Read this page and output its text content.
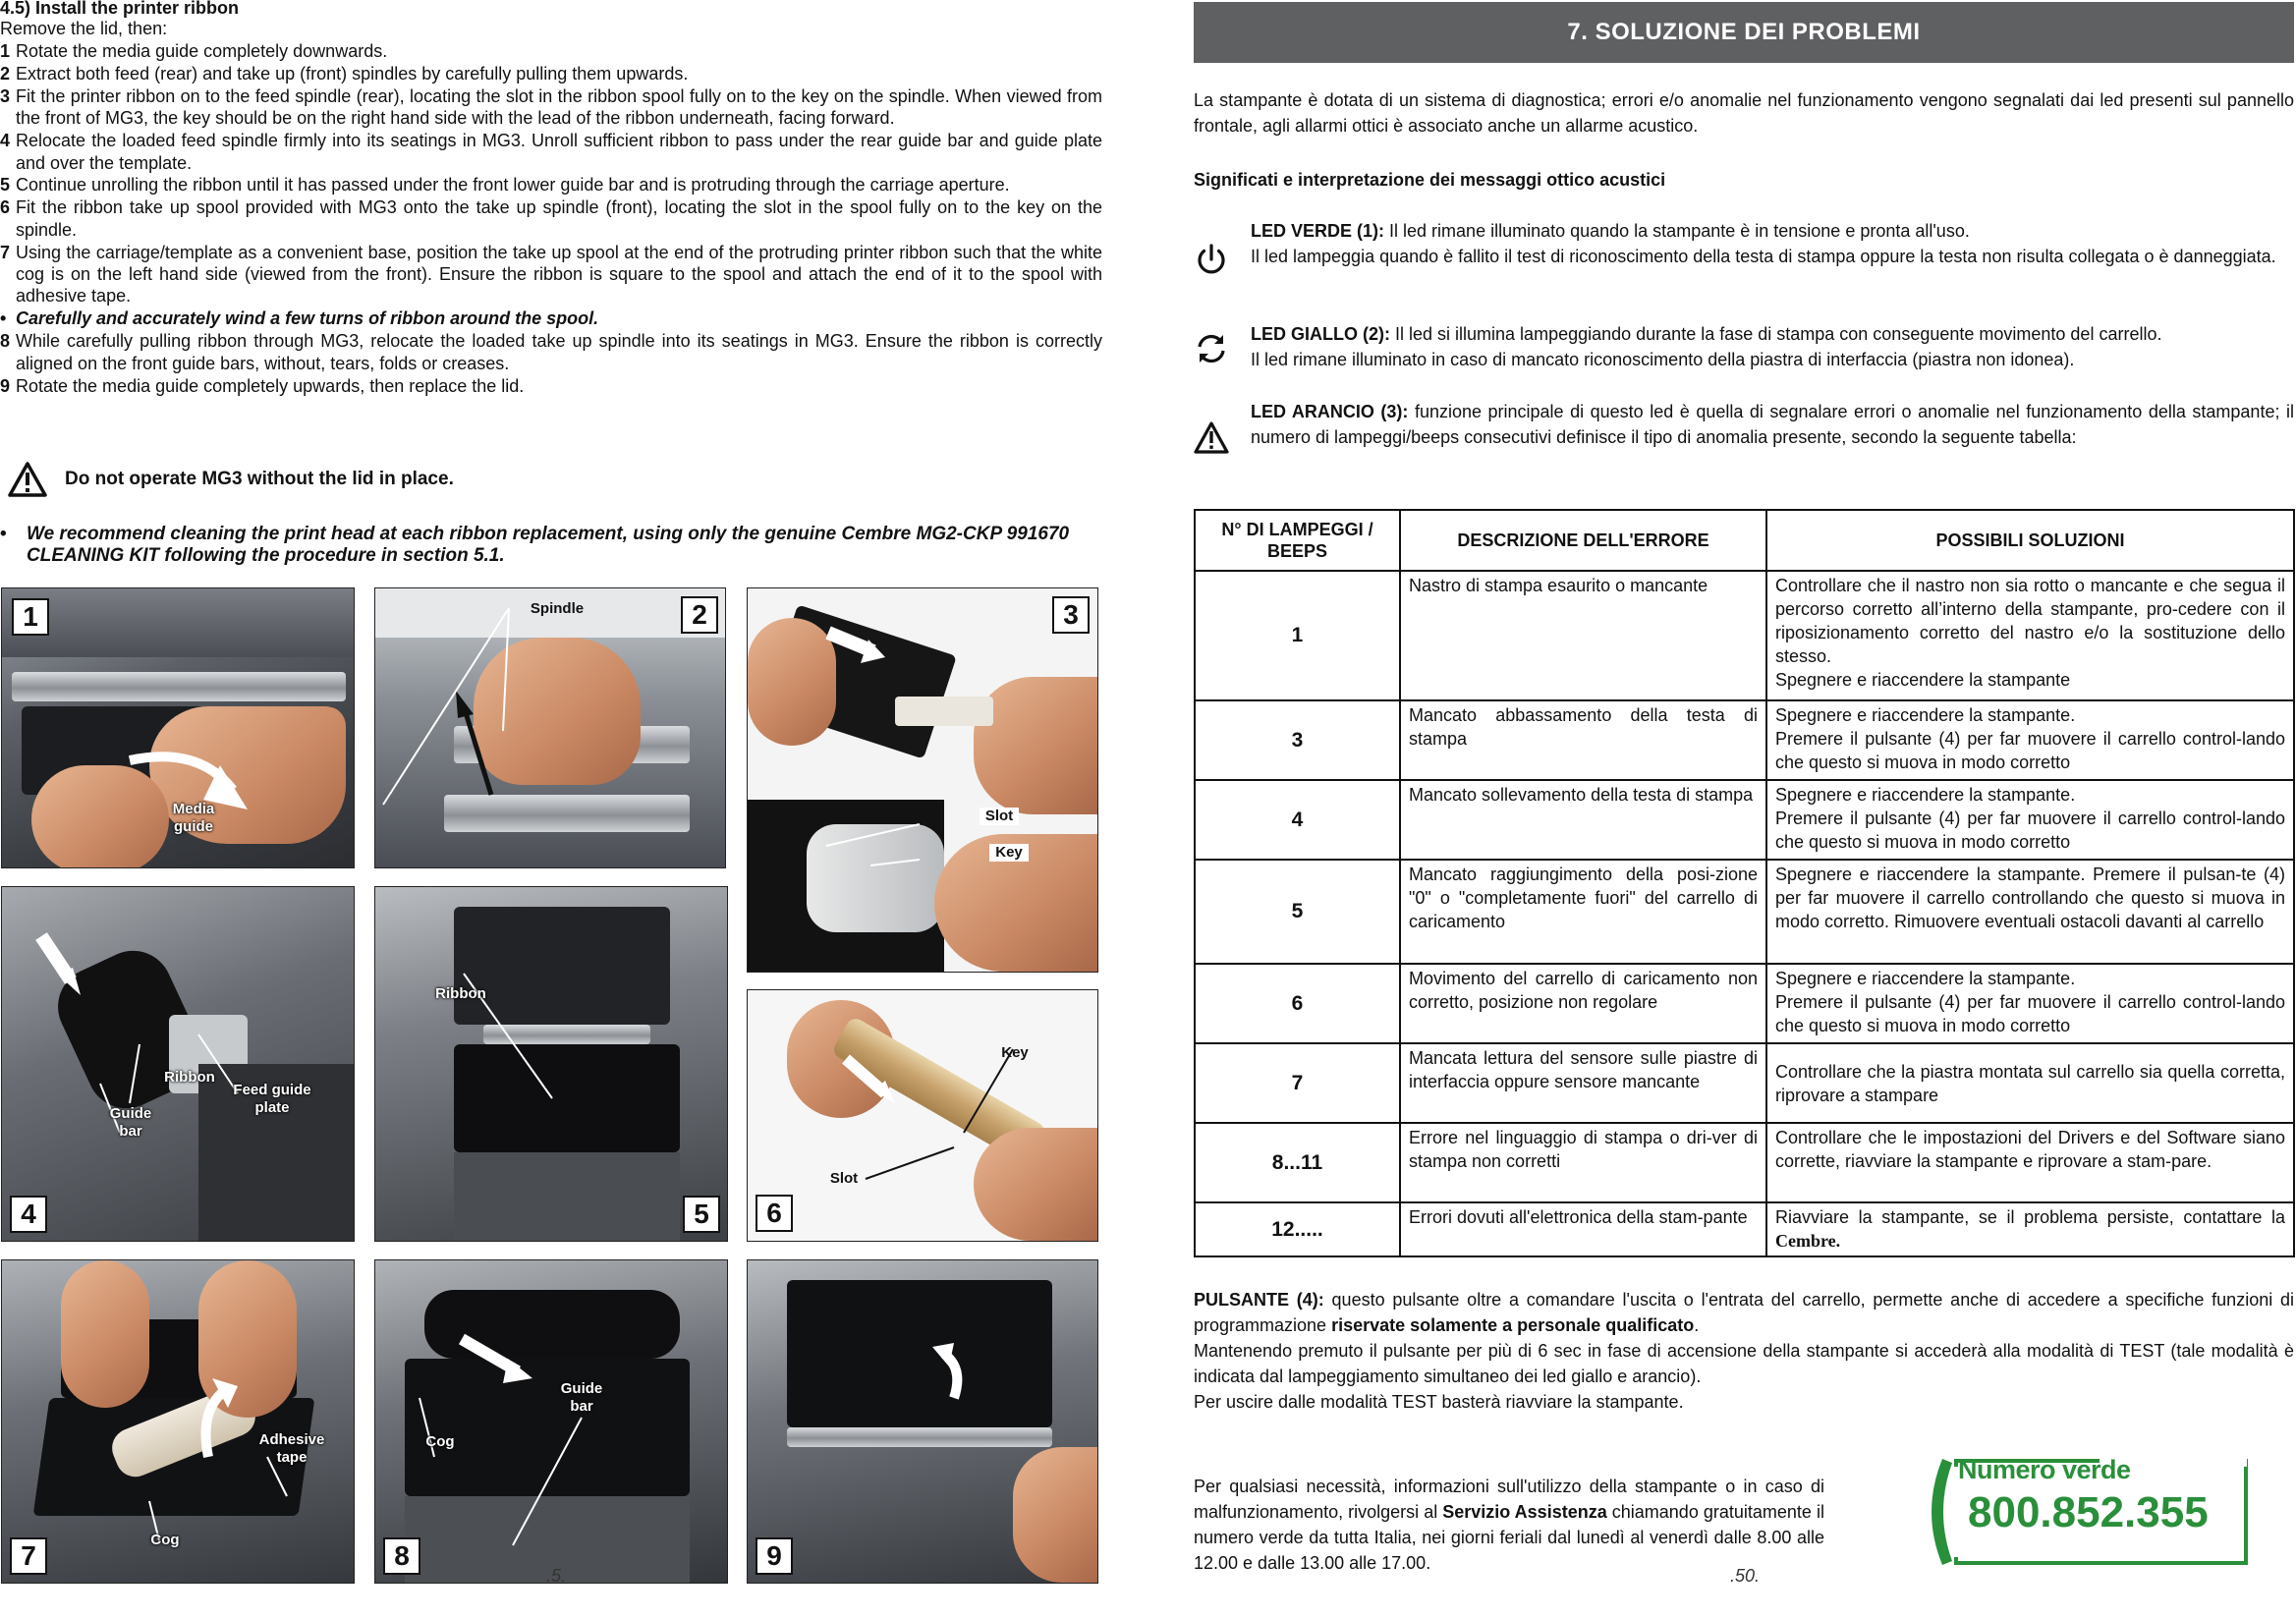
4.5) Install the printer ribbon
Remove the lid, then:
1 Rotate the media guide completely downwards.
2 Extract both feed (rear) and take up (front) spindles by carefully pulling them upwards.
3 Fit the printer ribbon on to the feed spindle (rear), locating the slot in the ribbon spool fully on to the key on the spindle. When viewed from the front of MG3, the key should be on the right hand side with the lead of the ribbon underneath, facing forward.
4 Relocate the loaded feed spindle firmly into its seatings in MG3. Unroll sufficient ribbon to pass under the rear guide bar and guide plate and over the template.
5 Continue unrolling the ribbon until it has passed under the front lower guide bar and is protruding through the carriage aperture.
6 Fit the ribbon take up spool provided with MG3 onto the take up spindle (front), locating the slot in the spool fully on to the key on the spindle.
7 Using the carriage/template as a convenient base, position the take up spool at the end of the protruding printer ribbon such that the white cog is on the left hand side (viewed from the front). Ensure the ribbon is square to the spool and attach the end of it to the spool with adhesive tape.
• Carefully and accurately wind a few turns of ribbon around the spool.
8 While carefully pulling ribbon through MG3, relocate the loaded take up spindle into its seatings in MG3. Ensure the ribbon is correctly aligned on the front guide bars, without, tears, folds or creases.
9 Rotate the media guide completely upwards, then replace the lid.
Do not operate MG3 without the lid in place.
•	We recommend cleaning the print head at each ribbon replacement, using only the genuine Cembre MG2-CKP 991670 CLEANING KIT following the procedure in section 5.1.
1
Media guide
2
Spindle	3
Slot
Key
4
Ribbon
Feed guide plate
Guide bar
5
Ribbon
6
Key
Slot
7
Adhesive tape
Cog
8
Guide bar
Cog
9
.5.
7. SOLUZIONE DEI PROBLEMI

La stampante è dotata di un sistema di diagnostica; errori e/o anomalie nel funzionamento vengono segnalati dai led presenti sul pannello frontale, agli allarmi ottici è associato anche un allarme acustico.

Significati e interpretazione dei messaggi ottico acustici

LED VERDE (1): Il led rimane illuminato quando la stampante è in tensione e pronta all'uso.
Il led lampeggia quando è fallito il test di riconoscimento della testa di stampa oppure la testa non risulta collegata o è danneggiata.
LED GIALLO (2): Il led si illumina lampeggiando durante la fase di stampa con conseguente movimento del carrello.
Il led rimane illuminato in caso di mancato riconoscimento della piastra di interfaccia (piastra non idonea).
LED ARANCIO (3): funzione principale di questo led è quella di segnalare errori o anomalie nel funzionamento della stampante; il numero di lampeggi/beeps consecutivi definisce il tipo di anomalia presente, secondo la seguente tabella:
N° DI LAMPEGGI / BEEPS	DESCRIZIONE DELL'ERRORE	POSSIBILI SOLUZIONI
1	Nastro di stampa esaurito o mancante	Controllare che il nastro non sia rotto o mancante e che segua il percorso corretto all’interno della stampante, pro-cedere con il riposizionamento corretto del nastro e/o la sostituzione dello stesso.
Spegnere e riaccendere la stampante
3	Mancato abbassamento della testa di stampa	Spegnere e riaccendere la stampante.
Premere il pulsante (4) per far muovere il carrello control-lando che questo si muova in modo corretto
4	Mancato sollevamento della testa di stampa	Spegnere e riaccendere la stampante.
Premere il pulsante (4) per far muovere il carrello control-lando che questo si muova in modo corretto
5	Mancato raggiungimento della posi-zione "0" o "completamente fuori" del carrello di caricamento	Spegnere e riaccendere la stampante. Premere il pulsan-te (4) per far muovere il carrello controllando che questo si muova in modo corretto. Rimuovere eventuali ostacoli davanti al carrello
6	Movimento del carrello di caricamento non corretto, posizione non regolare	Spegnere e riaccendere la stampante.
Premere il pulsante (4) per far muovere il carrello control-lando che questo si muova in modo corretto
7	Mancata lettura del sensore sulle piastre di interfaccia oppure sensore mancante	Controllare che la piastra montata sul carrello sia quella corretta, riprovare a stampare
8...11	Errore nel linguaggio di stampa o dri-ver di stampa non corretti	Controllare che le impostazioni del Drivers e del Software siano corrette, riavviare la stampante e riprovare a stam-pare.
12.....	Errori dovuti all'elettronica della stam-pante	Riavviare la stampante, se il problema persiste, contattare la Cembre.

PULSANTE (4): questo pulsante oltre a comandare l'uscita o l'entrata del carrello, permette anche di accedere a specifiche funzioni di programmazione riservate solamente a personale qualificato.
Mantenendo premuto il pulsante per più di 6 sec in fase di accensione della stampante si accederà alla modalità di TEST (tale modalità è indicata dal lampeggiamento simultaneo dei led giallo e arancio).
Per uscire dalle modalità TEST basterà riavviare la stampante.

Per qualsiasi necessità, informazioni sull'utilizzo della stampante o in caso di malfunzionamento, rivolgersi al Servizio Assistenza chiamando gratuitamente il numero verde da tutta Italia, nei giorni feriali dal lunedì al venerdì dalle 8.00 alle 12.00 e dalle 13.00 alle 17.00.

Numero verde
800.852.355
.50.
